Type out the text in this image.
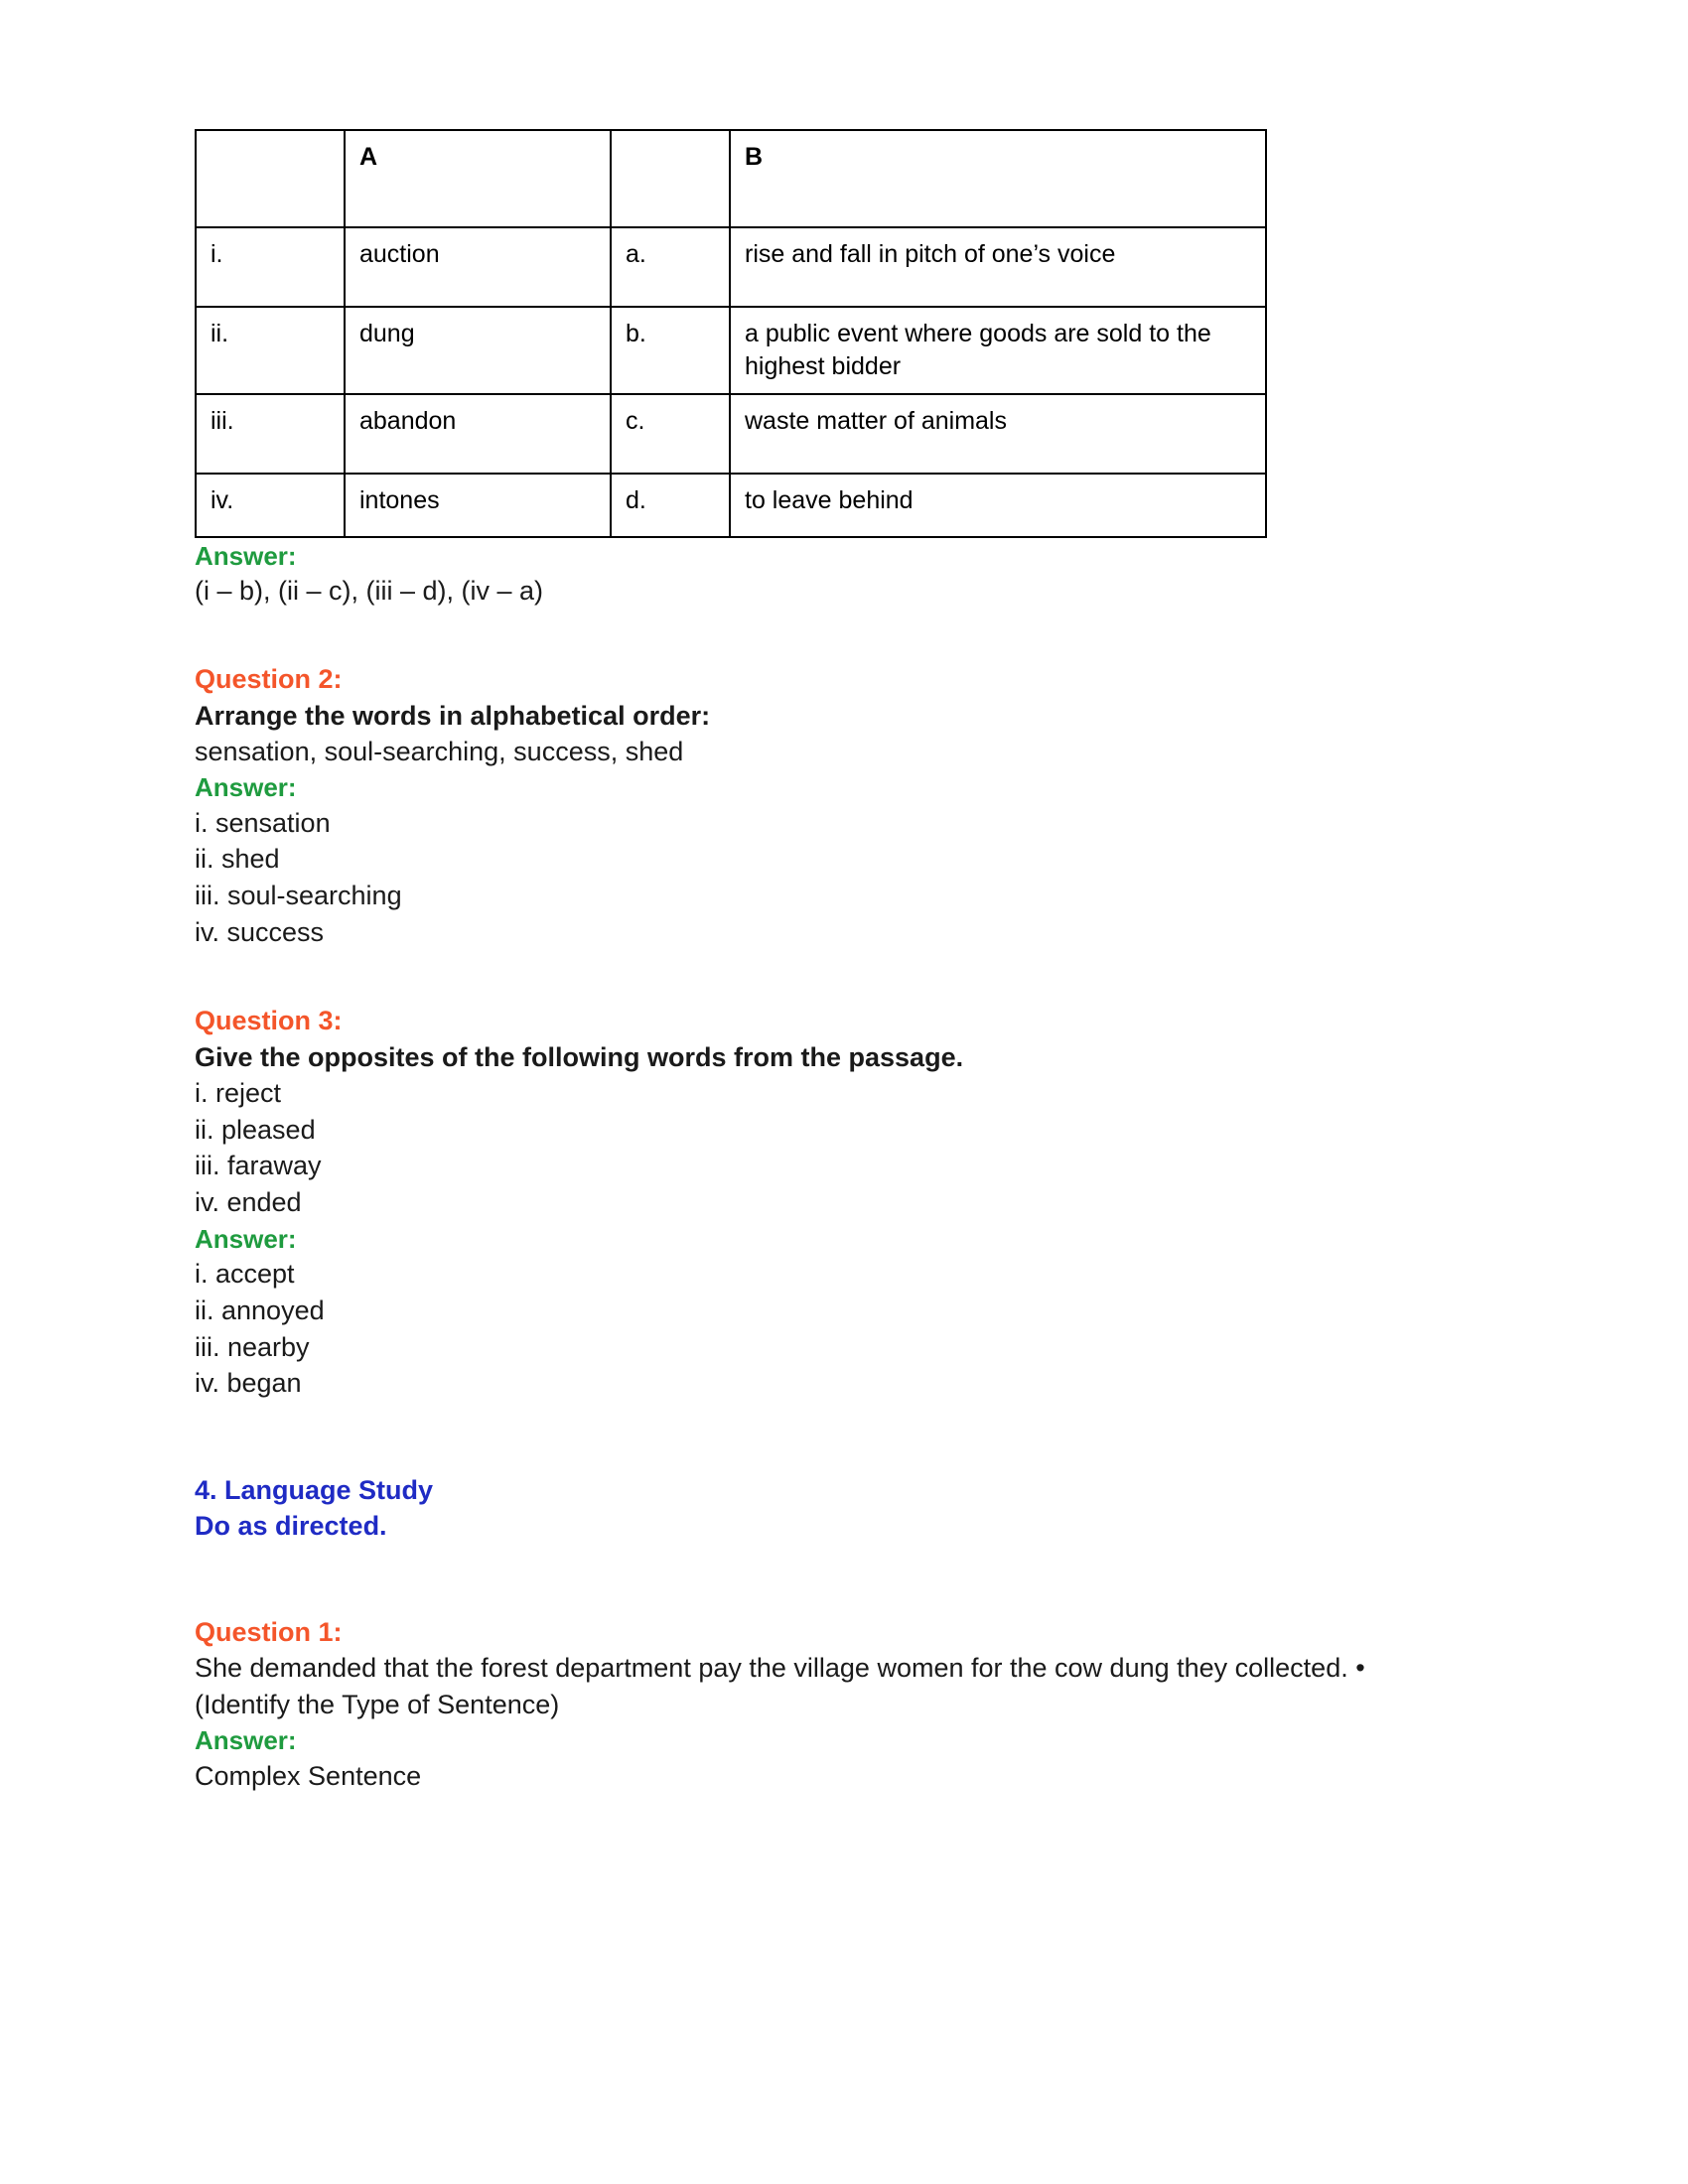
	A		B
i.	auction	a.	rise and fall in pitch of one’s voice
ii.	dung	b.	a public event where goods are sold to the highest bidder
iii.	abandon	c.	waste matter of animals
iv.	intones	d.	to leave behind

Answer:

(i – b), (ii – c), (iii – d), (iv – a)

Question 2:

Arrange the words in alphabetical order:

sensation, soul-searching, success, shed

Answer:

i. sensation

ii. shed

iii. soul-searching

iv. success

Question 3:

Give the opposites of the following words from the passage.

i. reject

ii. pleased

iii. faraway

iv. ended

Answer:

i. accept

ii. annoyed

iii. nearby

iv. began

4. Language Study

Do as directed.

Question 1:

She demanded that the forest department pay the village women for the cow dung they collected. • (Identify the Type of Sentence)

Answer:

Complex Sentence
